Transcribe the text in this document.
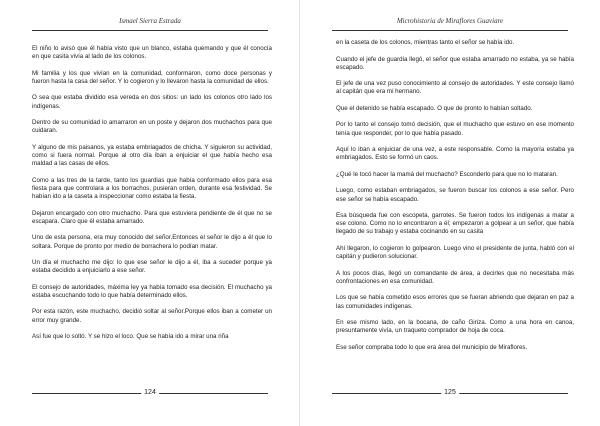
Ismael Sierra Estrada

El niño lo avisó que él había visto que un blanco, estaba quemando y que él conocía en que casita vivía al lado de los colonos.

Mi familia y los que vivían en la comunidad, conformaron, como doce personas y fueron hasta la casa del señor. Y lo cogieron y lo llevaron hasta la comunidad de ellos.

O sea que estaba dividido esa vereda en dos sitios: un lado los colonos otro lado los indígenas.

Dentro de su comunidad lo amarraron en un poste y dejaron dos muchachos para que cuidaran.

Y alguno de mis paisanos, ya estaba embriagados de chicha. Y siguieron su actividad, como si fuera normal. Porque al otro día iban a enjuiciar el que había hecho esa maldad a las casas de ellos.

Como a las tres de la tarde, tanto los guardias que había conformado ellos para esa fiesta para que controlara a los borrachos, pusieran orden, durante esa festividad. Se habían ido a la caseta a inspeccionar como estaba la fiesta.

Dejaron encargado con otro muchacho. Para que estuviera pendiente de él que no se escapara. Claro que él estaba amarrado.

Uno de esta persona, era muy conocido del señor.Entonces el señor le dijo a él que lo soltara. Porque de pronto por medio de borrachera lo podían matar.

Un día el muchacho me dijo: lo que ese señor le dijo a él, iba a suceder porque ya estaba decidido a enjuiciarlo a ese señor.

El consejo de autoridades, máxima ley ya había tomado esa decisión. El muchacho ya estaba escuchando todo lo que había determinado ellos.

Por esta razón, este muchacho, decidió soltar al señor.Porque ellos iban a cometer un error muy grande.

Así fue que lo soltó. Y se hizo el loco. Que se había ido a mirar una riña

124
Microhistoria de Miraflores Guaviare

en la caseta de los colonos, mientras tanto el señor se había ido.

Cuando el jefe de guardia llegó, el señor que estaba amarrado no estaba, ya se había escapado.

El jefe de una vez puso conocimiento al consejo de autoridades. Y este consejo llamó al capitán que era mi hermano.

Que el detenido se había escapado. O que de pronto lo habían soltado.

Por lo tanto el consejo tomó decisión, que el muchacho que estuvo en ese momento tenía que responder, por lo que había pasado.

Aquí lo iban a enjuiciar de una vez, a este responsable. Como la mayoría estaba ya embriagados. Esto se formó un caos.

¿Qué le tocó hacer la mamá del muchacho? Esconderlo para que no lo mataran.

Luego, como estaban embriagados, se fueron buscar los colonos a ese señor. Pero ese señor se había escapado.

Esa búsqueda fue con escopeta, garrotes. Se fueron todos los indígenas a matar a ese colono. Como no lo encontraron a él; empezaron a golpear a un señor, que había llegado de su trabajo y estaba cocinando en su casita

Ahí llegaron, lo cogieron lo golpearon. Luego vino el presidente de junta, habló con el capitán y pudieron solucionar.

A los pocos días, llegó un comandante de área, a decirles que no necesitaba más confrontaciones en esa comunidad.

Los que se había cometido esos errores que se fueran abriendo que dejaran en paz a las comunidades indígenas.

En ese mismo lado, en la bocana, de caño Giriza. Como a una hora en canoa, presuntamente vivía, un traqueto comprador de hoja de coca.

Ese señor compraba todo lo que era área del municipio de Miraflores.

125
